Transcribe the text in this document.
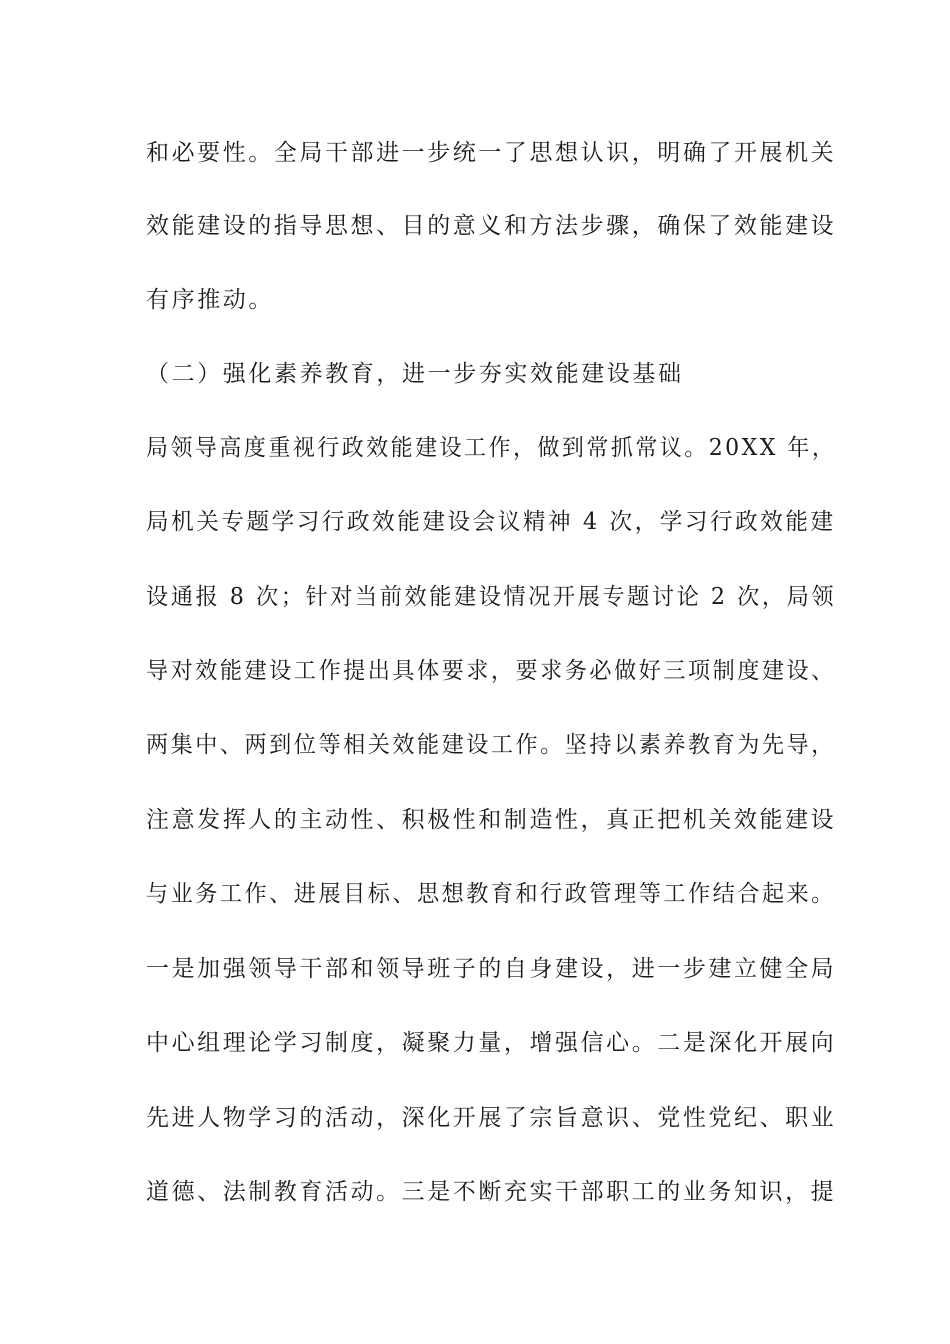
和必要性。全局干部进一步统一了思想认识，明确了开展机关
效能建设的指导思想、目的意义和方法步骤，确保了效能建设
有序推动。
（二）强化素养教育，进一步夯实效能建设基础
局领导高度重视行政效能建设工作，做到常抓常议。20XX 年，
局机关专题学习行政效能建设会议精神 4 次，学习行政效能建
设通报 8 次；针对当前效能建设情况开展专题讨论 2 次，局领
导对效能建设工作提出具体要求，要求务必做好三项制度建设、
两集中、两到位等相关效能建设工作。坚持以素养教育为先导，
注意发挥人的主动性、积极性和制造性，真正把机关效能建设
与业务工作、进展目标、思想教育和行政管理等工作结合起来。
一是加强领导干部和领导班子的自身建设，进一步建立健全局
中心组理论学习制度，凝聚力量，增强信心。二是深化开展向
先进人物学习的活动，深化开展了宗旨意识、党性党纪、职业
道德、法制教育活动。三是不断充实干部职工的业务知识，提
